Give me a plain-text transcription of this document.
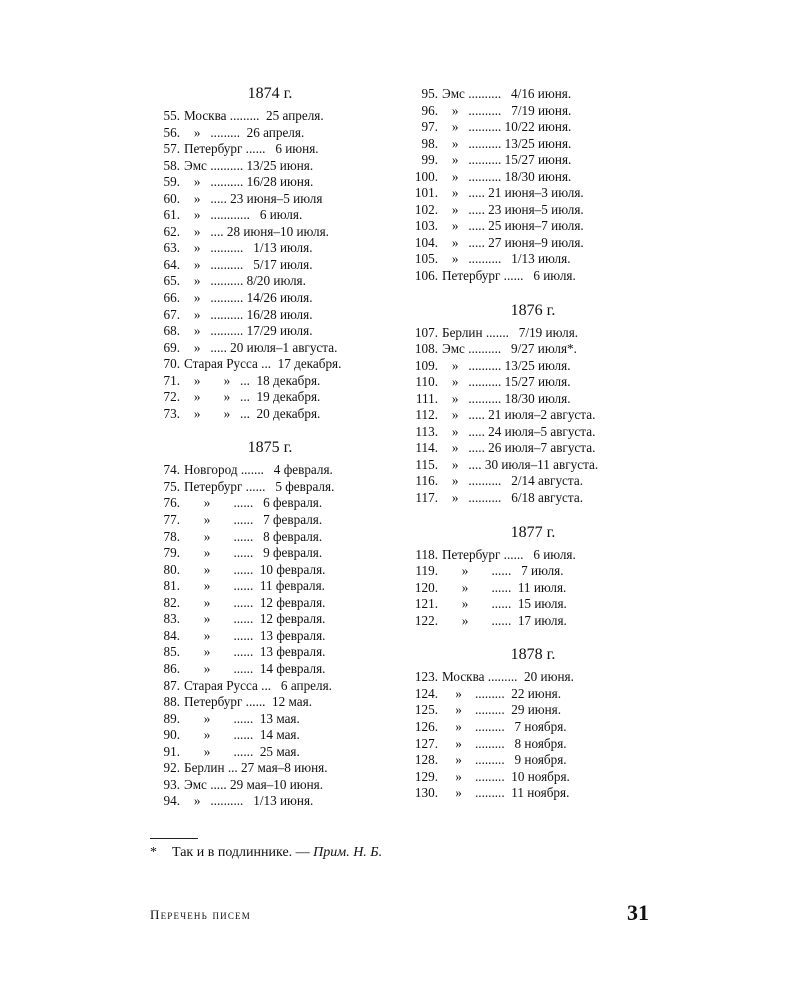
1874 г.
55. Москва .........  25 апреля.
56. »   .........  26 апреля.
57. Петербург ......   6 июня.
58. Эмс .......... 13/25 июня.
59. »   .......... 16/28 июня.
60. »   ..... 23 июня–5 июля
61. »   ............   6 июля.
62. »   .... 28 июня–10 июля.
63. »   ..........   1/13 июля.
64. »   ..........   5/17 июля.
65. »   .......... 8/20 июля.
66. »   .......... 14/26 июля.
67. »   .......... 16/28 июля.
68. »   .......... 17/29 июля.
69. »   ..... 20 июля–1 августа.
70. Старая Русса ...  17 декабря.
71. »       »   ...  18 декабря.
72. »       »   ...  19 декабря.
73. »       »   ...  20 декабря.
1875 г.
74. Новгород .......   4 февраля.
75. Петербург ......   5 февраля.
76. »       ......   6 февраля.
77. »       ......   7 февраля.
78. »       ......   8 февраля.
79. »       ......   9 февраля.
80. »       ......  10 февраля.
81. »       ......  11 февраля.
82. »       ......  12 февраля.
83. »       ......  12 февраля.
84. »       ......  13 февраля.
85. »       ......  13 февраля.
86. »       ......  14 февраля.
87. Старая Русса ...   6 апреля.
88. Петербург ......  12 мая.
89. »       ......  13 мая.
90. »       ......  14 мая.
91. »       ......  25 мая.
92. Берлин ... 27 мая–8 июня.
93. Эмс ..... 29 мая–10 июня.
94. »   ..........   1/13 июня.
95. Эмс ..........   4/16 июня.
96. »   ..........   7/19 июня.
97. »   .......... 10/22 июня.
98. »   .......... 13/25 июня.
99. »   .......... 15/27 июня.
100. »   .......... 18/30 июня.
101. »   ..... 21 июня–3 июля.
102. »   ..... 23 июня–5 июля.
103. »   ..... 25 июня–7 июля.
104. »   ..... 27 июня–9 июля.
105. »   ..........   1/13 июля.
106. Петербург ......   6 июля.
1876 г.
107. Берлин .......   7/19 июля.
108. Эмс ..........   9/27 июля*.
109. »   .......... 13/25 июля.
110. »   .......... 15/27 июля.
111. »   .......... 18/30 июля.
112. »   ..... 21 июля–2 августа.
113. »   ..... 24 июля–5 августа.
114. »   ..... 26 июля–7 августа.
115. »   .... 30 июля–11 августа.
116. »   ..........   2/14 августа.
117. »   ..........   6/18 августа.
1877 г.
118. Петербург ......   6 июля.
119. »       ......   7 июля.
120. »       ......  11 июля.
121. »       ......  15 июля.
122. »       ......  17 июля.
1878 г.
123. Москва .........  20 июня.
124. »    .........  22 июня.
125. »    .........  29 июня.
126. »    .........   7 ноября.
127. »    .........   8 ноября.
128. »    .........   9 ноября.
129. »    .........  10 ноября.
130. »    .........  11 ноября.
* Так и в подлиннике. — Прим. Н. Б.
Перечень писем	31
